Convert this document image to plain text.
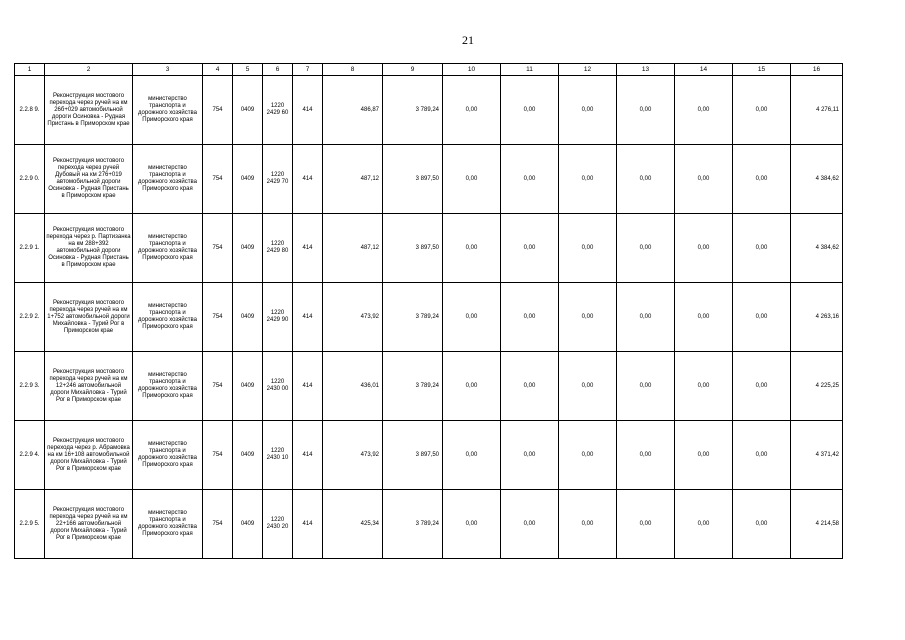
21
1	2	3	4	5	6	7	8	9	10	11	12	13	14	15	16
2.2.8 9.	Реконструкция мостового перехода через ручей на км 26б+029 автомобильной дороги Осиновка - Рудная Пристань в Приморском крае	министерство транспорта и дорожного хозяйства Приморского края	754	0409	1220 2429 60	414	486,87	3 789,24	0,00	0,00	0,00	0,00	0,00	0,00	4 276,11
2.2.9 0.	Реконструкция мостового перехода через ручей Дубовый на км 276+019 автомобильной дороги Осиновка - Рудная Пристань в Приморском крае	министерство транспорта и дорожного хозяйства Приморского края	754	0409	1220 2429 70	414	487,12	3 897,50	0,00	0,00	0,00	0,00	0,00	0,00	4 384,62
2.2.9 1.	Реконструкция мостового перехода через р. Партизанка на км 288+392 автомобильной дороги Осиновка - Рудная Пристань в Приморском крае	министерство транспорта и дорожного хозяйства Приморского края	754	0409	1220 2429 80	414	487,12	3 897,50	0,00	0,00	0,00	0,00	0,00	0,00	4 384,62
2.2.9 2.	Реконструкция мостового перехода через ручей на км 1+752 автомобильной дороги Михайловка - Турий Рог в Приморском крае	министерство транспорта и дорожного хозяйства Приморского края	754	0409	1220 2429 90	414	473,92	3 789,24	0,00	0,00	0,00	0,00	0,00	0,00	4 263,16
2.2.9 3.	Реконструкция мостового перехода через ручей на км 12+246 автомобильной дороги Михайловка - Турий Рог в Приморском крае	министерство транспорта и дорожного хозяйства Приморского края	754	0409	1220 2430 00	414	436,01	3 789,24	0,00	0,00	0,00	0,00	0,00	0,00	4 225,25
2.2.9 4.	Реконструкция мостового перехода через р. Абрамовка на км 16+108 автомобильной дороги Михайловка - Турий Рог в Приморском крае	министерство транспорта и дорожного хозяйства Приморского края	754	0409	1220 2430 10	414	473,92	3 897,50	0,00	0,00	0,00	0,00	0,00	0,00	4 371,42
2.2.9 5.	Реконструкция мостового перехода через ручей на км 22+166 автомобильной дороги Михайловка - Турий Рог в Приморском крае	министерство транспорта и дорожного хозяйства Приморского края	754	0409	1220 2430 20	414	425,34	3 789,24	0,00	0,00	0,00	0,00	0,00	0,00	4 214,58
